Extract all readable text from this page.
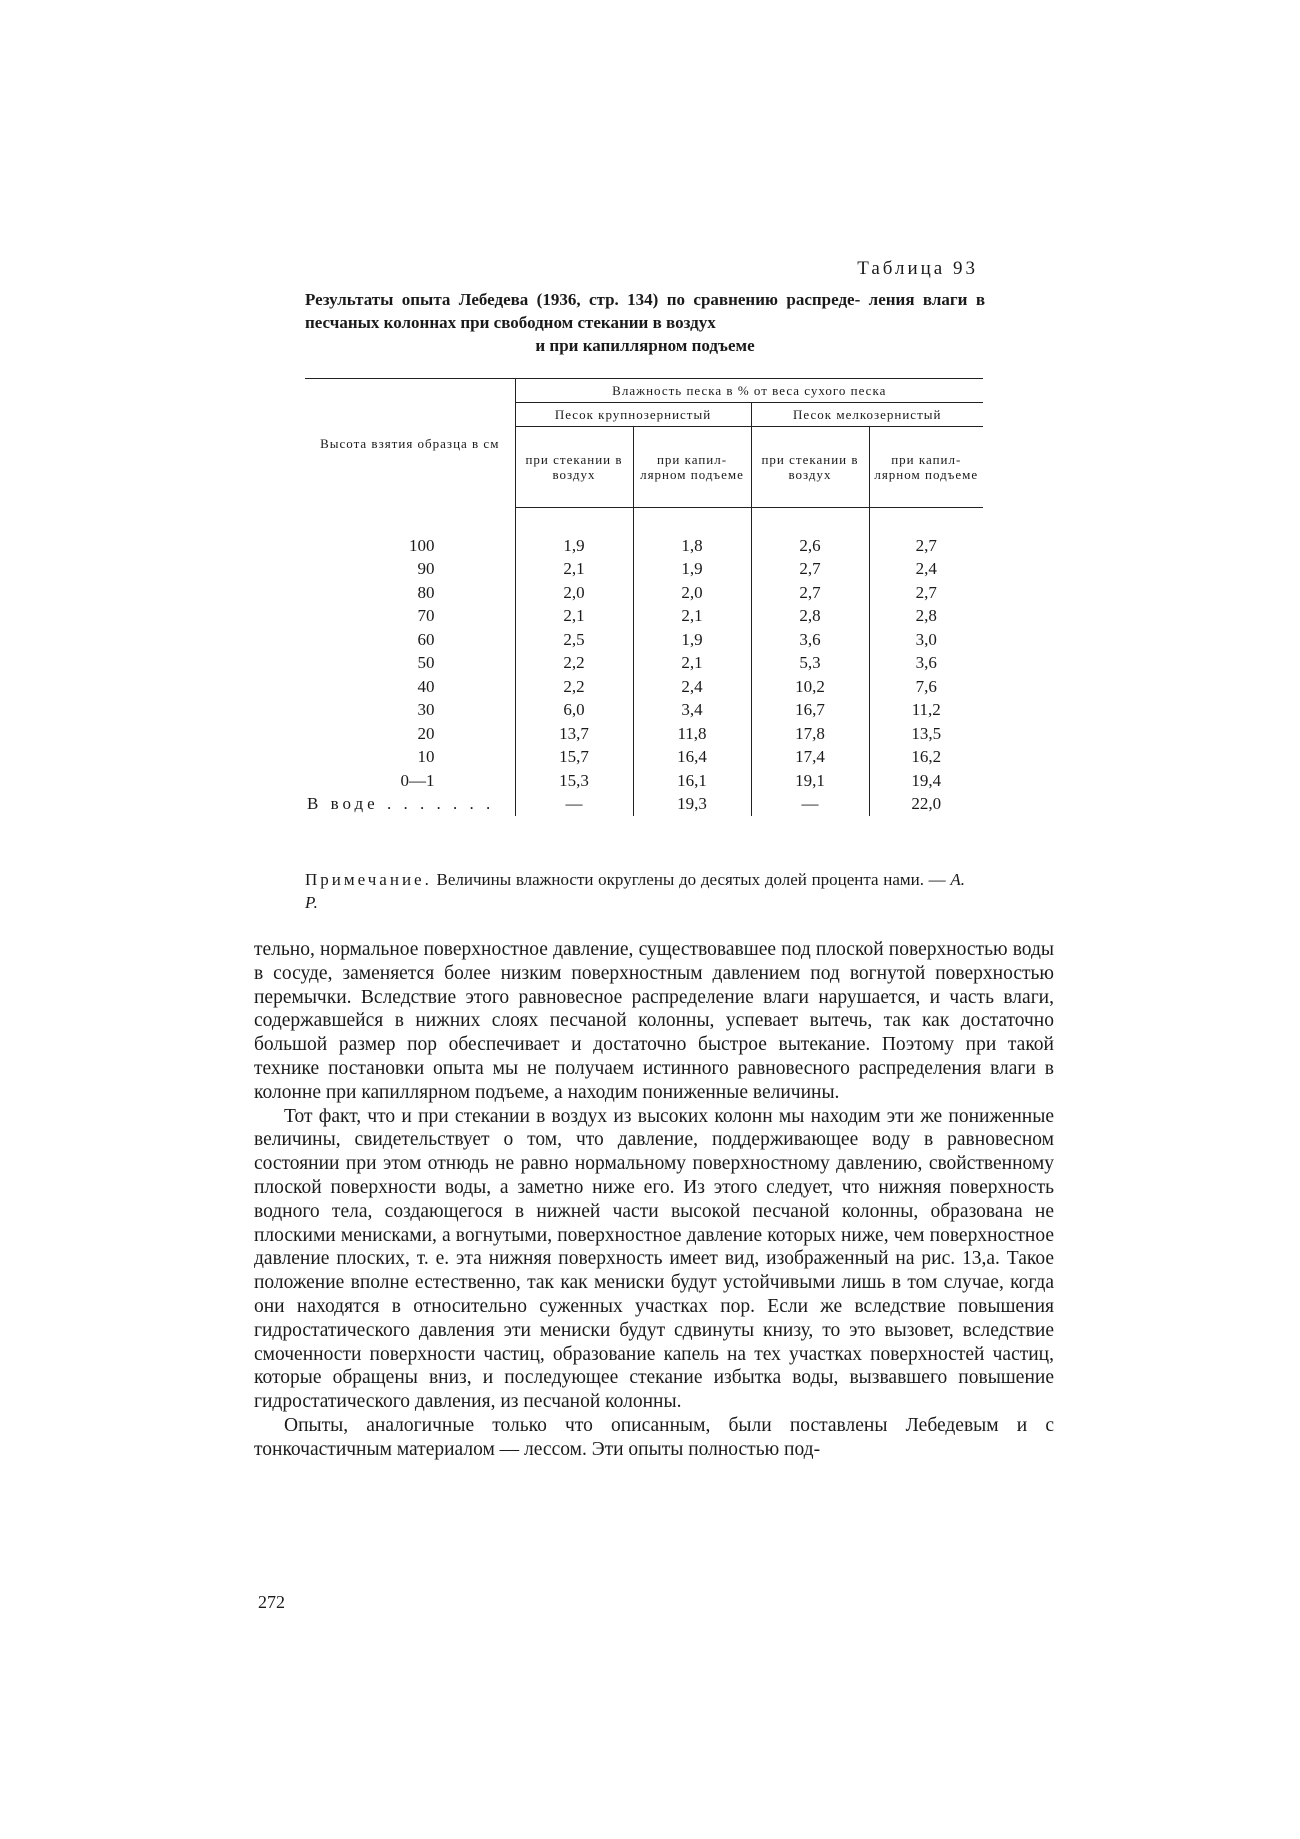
Таблица 93
Результаты опыта Лебедева (1936, стр. 134) по сравнению распреде- ления влаги в песчаных колоннах при свободном стекании в воздух
и при капиллярном подъеме
Высота взятия образца в см	Влажность песка в % от веса сухого песка			
	Песок крупнозернистый		Песок мелкозернистый	
	при стекании в воздух	при капил-лярном подъеме	при стекании в воздух	при капил-лярном подъеме
100	1,9	1,8	2,6	2,7
90	2,1	1,9	2,7	2,4
80	2,0	2,0	2,7	2,7
70	2,1	2,1	2,8	2,8
60	2,5	1,9	3,6	3,0
50	2,2	2,1	5,3	3,6
40	2,2	2,4	10,2	7,6
30	6,0	3,4	16,7	11,2
20	13,7	11,8	17,8	13,5
10	15,7	16,4	17,4	16,2
0—1	15,3	16,1	19,1	19,4
В воде . . . . . . .	—	19,3	—	22,0
Примечание. Величины влажности округлены до десятых долей процента нами. — А. Р.

тельно, нормальное поверхностное давление, существовавшее под плоской поверхностью воды в сосуде, заменяется более низким поверхностным давлением под вогнутой поверхностью перемычки. Вследствие этого равновесное распределение влаги нарушается, и часть влаги, содержавшейся в нижних слоях песчаной колонны, успевает вытечь, так как достаточно большой размер пор обеспечивает и достаточно быстрое вытекание. Поэтому при такой технике постановки опыта мы не получаем истинного равновесного распределения влаги в колонне при капиллярном подъеме, а находим пониженные величины.

Тот факт, что и при стекании в воздух из высоких колонн мы находим эти же пониженные величины, свидетельствует о том, что давление, поддерживающее воду в равновесном состоянии при этом отнюдь не равно нормальному поверхностному давлению, свойственному плоской поверхности воды, а заметно ниже его. Из этого следует, что нижняя поверхность водного тела, создающегося в нижней части высокой песчаной колонны, образована не плоскими менисками, а вогнутыми, поверхностное давление которых ниже, чем поверхностное давление плоских, т. е. эта нижняя поверхность имеет вид, изображенный на рис. 13,а. Такое положение вполне естественно, так как мениски будут устойчивыми лишь в том случае, когда они находятся в относительно суженных участках пор. Если же вследствие повышения гидростатического давления эти мениски будут сдвинуты книзу, то это вызовет, вследствие смоченности поверхности частиц, образование капель на тех участках поверхностей частиц, которые обращены вниз, и последующее стекание избытка воды, вызвавшего повышение гидростатического давления, из песчаной колонны.

Опыты, аналогичные только что описанным, были поставлены Лебедевым и с тонкочастичным материалом — лессом. Эти опыты полностью под-

272
